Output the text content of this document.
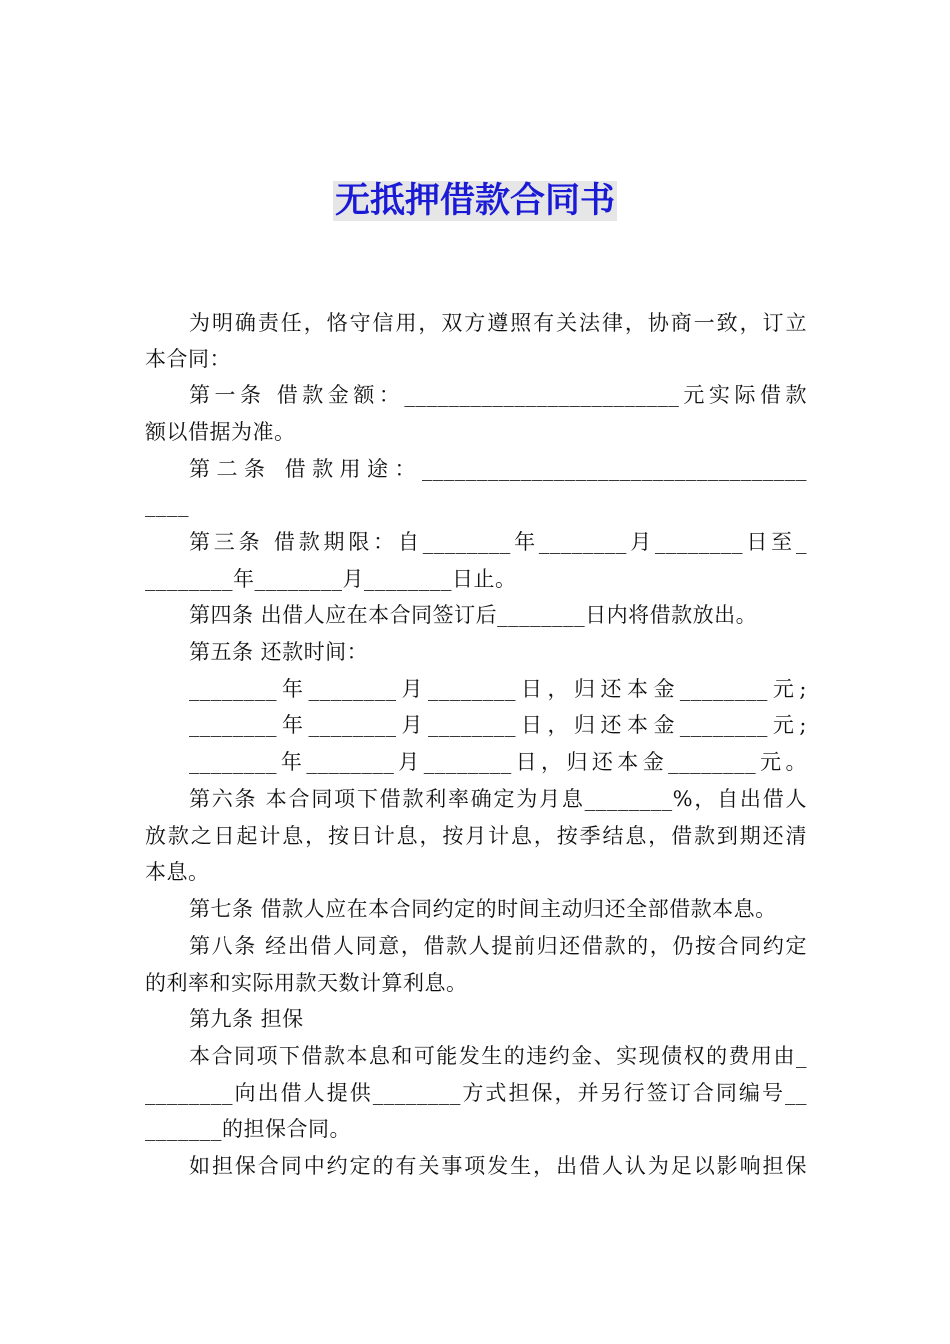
无抵押借款合同书
为明确责任，恪守信用，双方遵照有关法律，协商一致，订立
本合同：
第一条 借款金额：_________________________元实际借款
额以借据为准。
第二条 借款用途：___________________________________
____
第三条 借款期限：自________年________月________日至_
________年________月________日止。
第四条 出借人应在本合同签订后________日内将借款放出。
第五条 还款时间：
________年________月________日，归还本金________元;
________年________月________日，归还本金________元;
________年________月________日，归还本金________元。
第六条 本合同项下借款利率确定为月息________%，自出借人
放款之日起计息，按日计息，按月计息，按季结息，借款到期还清
本息。
第七条 借款人应在本合同约定的时间主动归还全部借款本息。
第八条 经出借人同意，借款人提前归还借款的，仍按合同约定
的利率和实际用款天数计算利息。
第九条 担保
本合同项下借款本息和可能发生的违约金、实现债权的费用由_
________向出借人提供________方式担保，并另行签订合同编号__
_______的担保合同。
如担保合同中约定的有关事项发生，出借人认为足以影响担保
